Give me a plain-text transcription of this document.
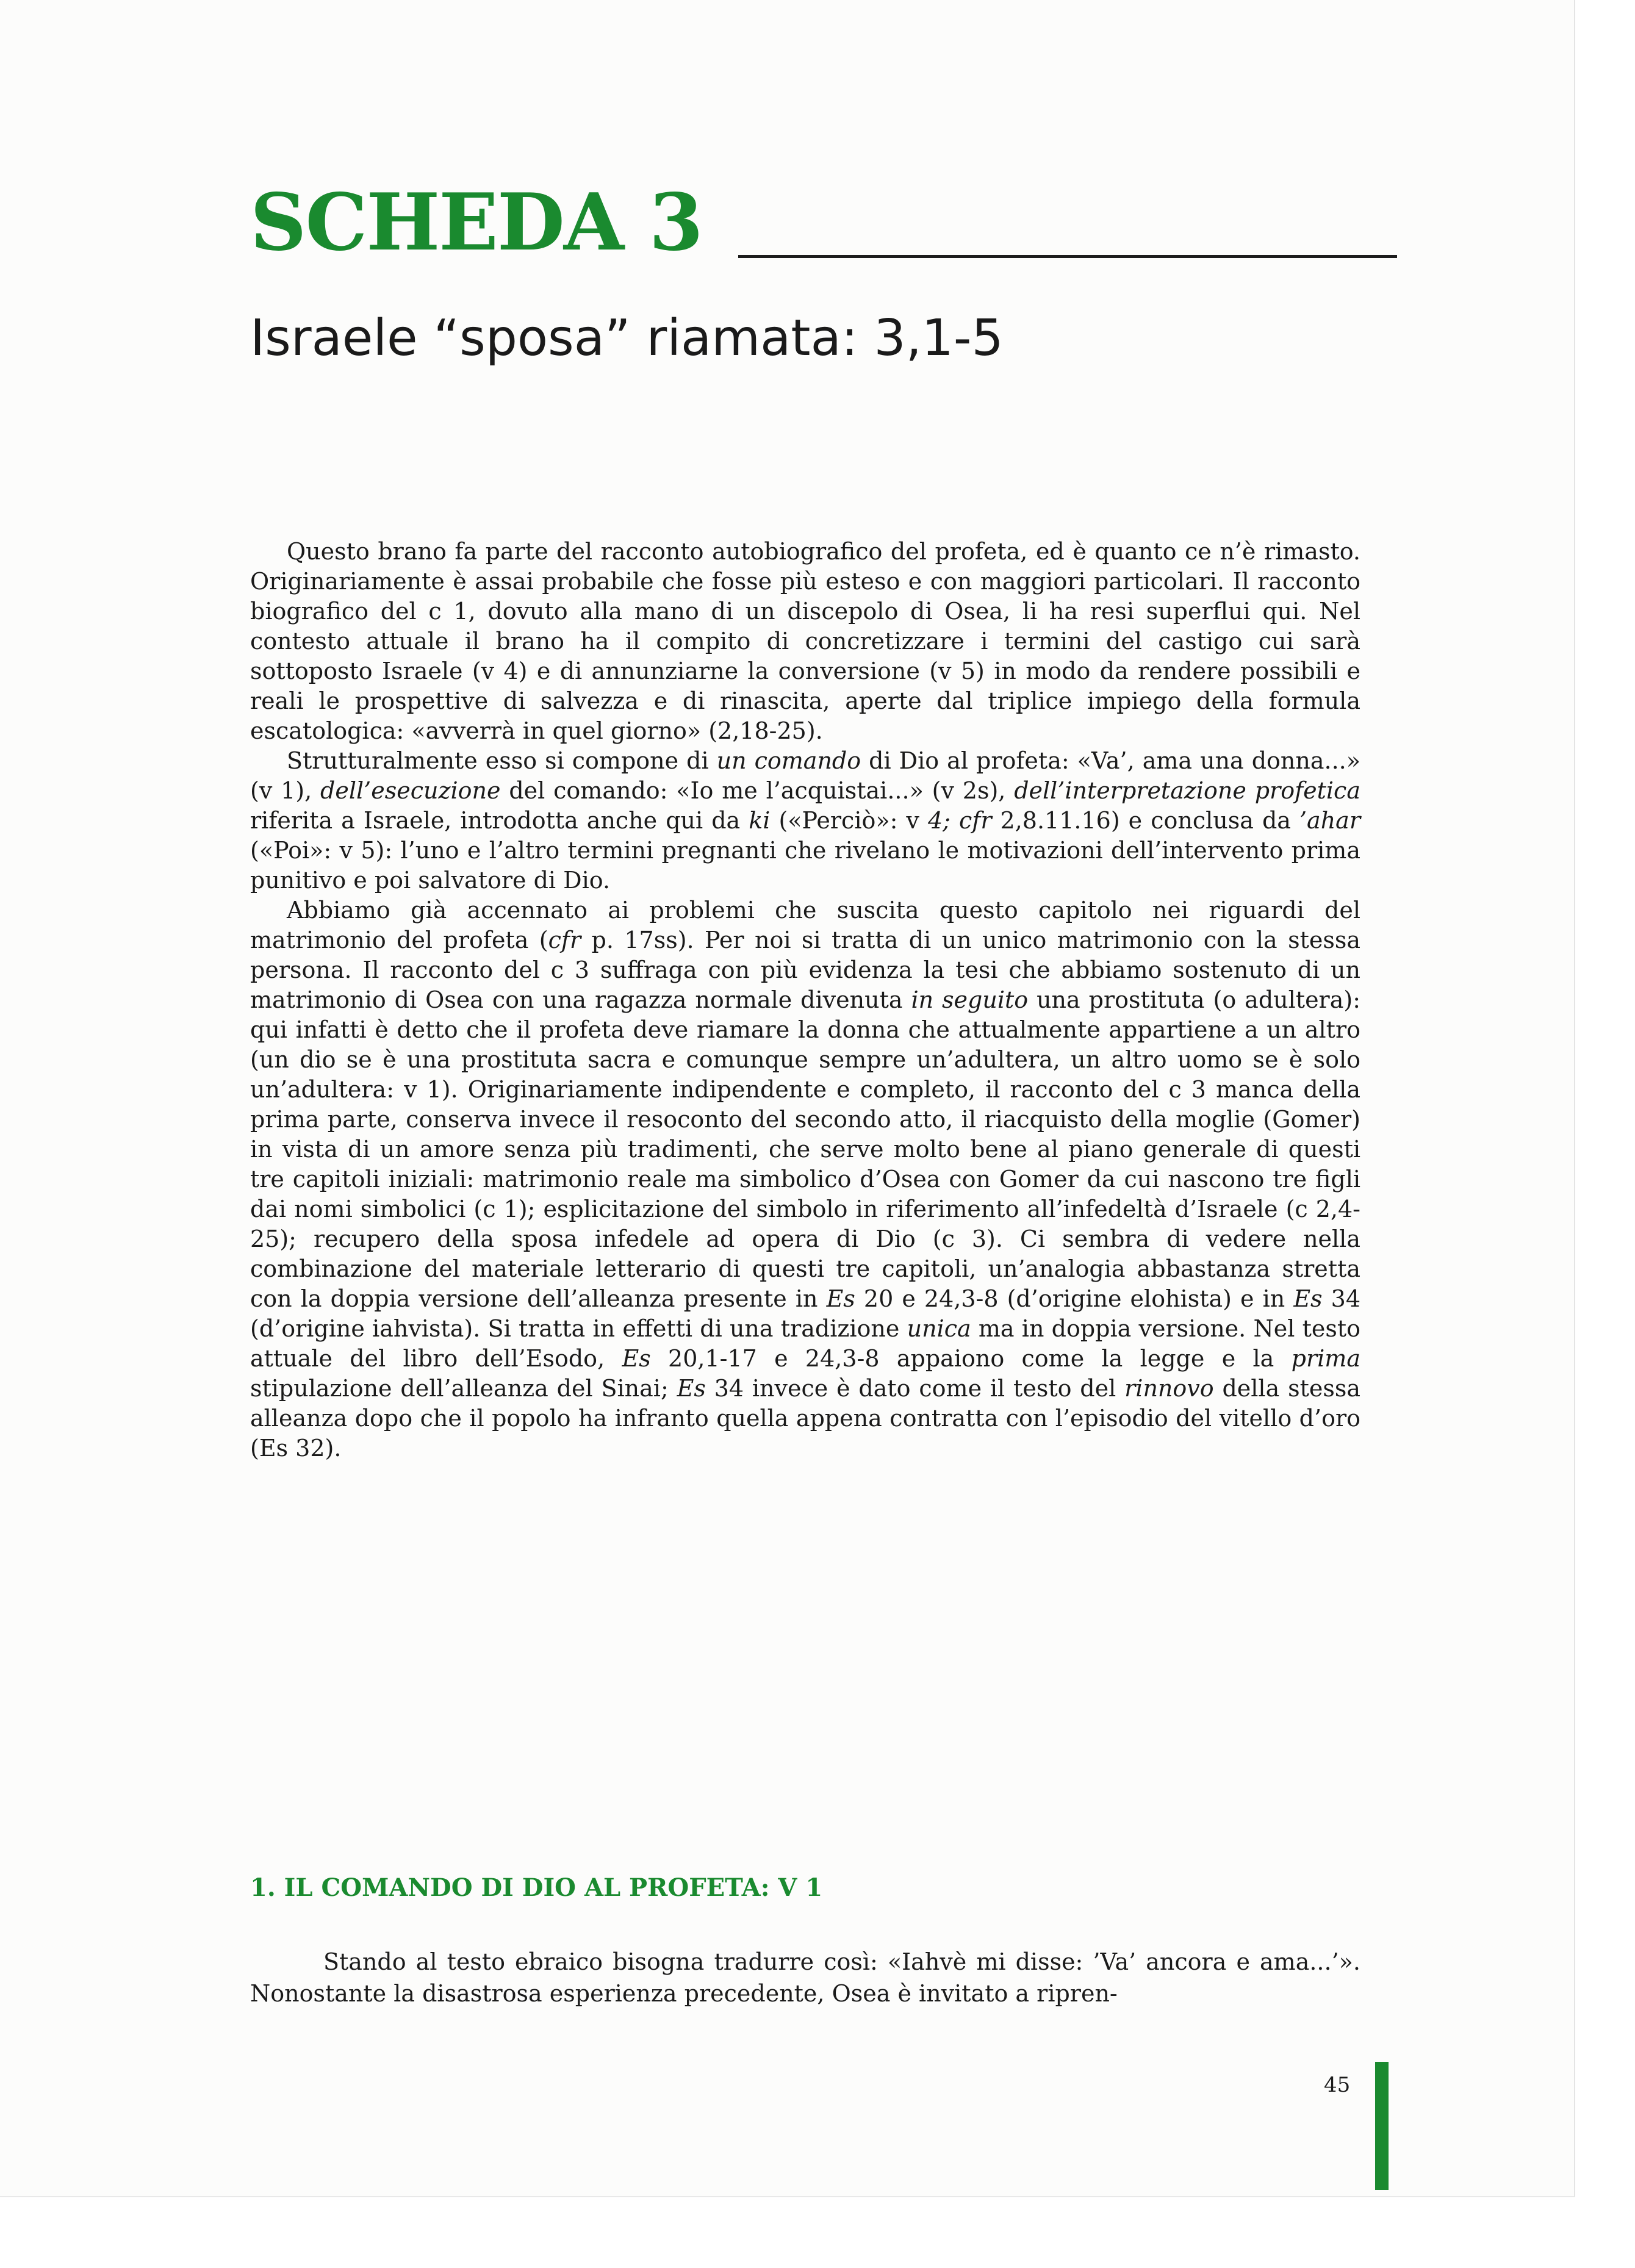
SCHEDA 3
Israele “sposa” riamata: 3,1-5

Questo brano fa parte del racconto autobiografico del profeta, ed è quanto ce n’è rimasto. Originariamente è assai probabile che fosse più esteso e con maggiori particolari. Il racconto biografico del c 1, dovuto alla mano di un discepolo di Osea, li ha resi superflui qui. Nel contesto attuale il brano ha il compito di concretizzare i termini del castigo cui sarà sottoposto Israele (v 4) e di annunziarne la conversione (v 5) in modo da rendere possibili e reali le prospettive di salvezza e di rinascita, aperte dal triplice impiego della formula escatologica: «avverrà in quel giorno» (2,18-25).

Strutturalmente esso si compone di un comando di Dio al profeta: «Va’, ama una donna...» (v 1), dell’esecuzione del comando: «Io me l’acquistai...» (v 2s), dell’interpretazione profetica riferita a Israele, introdotta anche qui da ki («Perciò»: v 4; cfr 2,8.11.16) e conclusa da ’ahar («Poi»: v 5): l’uno e l’altro termini pregnanti che rivelano le motivazioni dell’intervento prima punitivo e poi salvatore di Dio.

Abbiamo già accennato ai problemi che suscita questo capitolo nei riguardi del matrimonio del profeta (cfr p. 17ss). Per noi si tratta di un unico matrimonio con la stessa persona. Il racconto del c 3 suffraga con più evidenza la tesi che abbiamo sostenuto di un matrimonio di Osea con una ragazza normale divenuta in seguito una prostituta (o adultera): qui infatti è detto che il profeta deve riamare la donna che attualmente appartiene a un altro (un dio se è una prostituta sacra e comunque sempre un’adultera, un altro uomo se è solo un’adultera: v 1). Originariamente indipendente e completo, il racconto del c 3 manca della prima parte, conserva invece il resoconto del secondo atto, il riacquisto della moglie (Gomer) in vista di un amore senza più tradimenti, che serve molto bene al piano generale di questi tre capitoli iniziali: matrimonio reale ma simbolico d’Osea con Gomer da cui nascono tre figli dai nomi simbolici (c 1); esplicitazione del simbolo in riferimento all’infedeltà d’Israele (c 2,4-25); recupero della sposa infedele ad opera di Dio (c 3). Ci sembra di vedere nella combinazione del materiale letterario di questi tre capitoli, un’analogia abbastanza stretta con la doppia versione dell’alleanza presente in Es 20 e 24,3-8 (d’origine elohista) e in Es 34 (d’origine iahvista). Si tratta in effetti di una tradizione unica ma in doppia versione. Nel testo attuale del libro dell’Esodo, Es 20,1-17 e 24,3-8 appaiono come la legge e la prima stipulazione dell’alleanza del Sinai; Es 34 invece è dato come il testo del rinnovo della stessa alleanza dopo che il popolo ha infranto quella appena contratta con l’episodio del vitello d’oro (Es 32).

1. IL COMANDO DI DIO AL PROFETA: V 1

Stando al testo ebraico bisogna tradurre così: «Iahvè mi disse: ’Va’ ancora e ama...’». Nonostante la disastrosa esperienza precedente, Osea è invitato a ripren-

45
